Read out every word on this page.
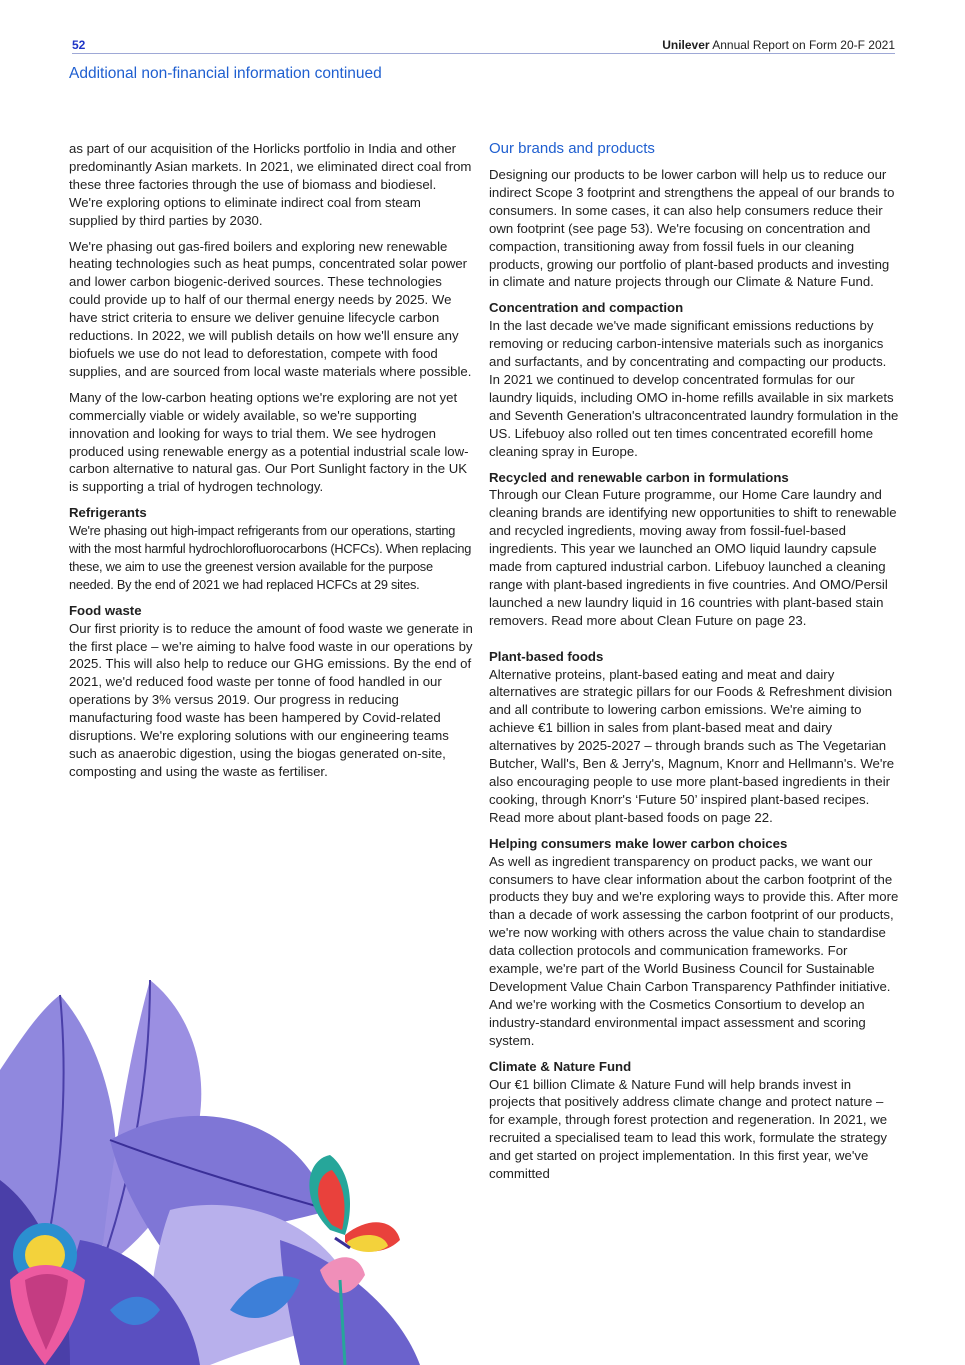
52	Unilever Annual Report on Form 20-F 2021
Additional non-financial information continued

as part of our acquisition of the Horlicks portfolio in India and other predominantly Asian markets. In 2021, we eliminated direct coal from these three factories through the use of biomass and biodiesel. We're exploring options to eliminate indirect coal from steam supplied by third parties by 2030.

We're phasing out gas-fired boilers and exploring new renewable heating technologies such as heat pumps, concentrated solar power and lower carbon biogenic-derived sources. These technologies could provide up to half of our thermal energy needs by 2025. We have strict criteria to ensure we deliver genuine lifecycle carbon reductions. In 2022, we will publish details on how we'll ensure any biofuels we use do not lead to deforestation, compete with food supplies, and are sourced from local waste materials where possible.

Many of the low-carbon heating options we're exploring are not yet commercially viable or widely available, so we're supporting innovation and looking for ways to trial them. We see hydrogen produced using renewable energy as a potential industrial scale low-carbon alternative to natural gas. Our Port Sunlight factory in the UK is supporting a trial of hydrogen technology.

Refrigerants

We're phasing out high-impact refrigerants from our operations, starting with the most harmful hydrochlorofluorocarbons (HCFCs). When replacing these, we aim to use the greenest version available for the purpose needed. By the end of 2021 we had replaced HCFCs at 29 sites.

Food waste

Our first priority is to reduce the amount of food waste we generate in the first place – we're aiming to halve food waste in our operations by 2025. This will also help to reduce our GHG emissions. By the end of 2021, we'd reduced food waste per tonne of food handled in our operations by 3% versus 2019. Our progress in reducing manufacturing food waste has been hampered by Covid-related disruptions. We're exploring solutions with our engineering teams such as anaerobic digestion, using the biogas generated on-site, composting and using the waste as fertiliser.

Our brands and products

Designing our products to be lower carbon will help us to reduce our indirect Scope 3 footprint and strengthens the appeal of our brands to consumers. In some cases, it can also help consumers reduce their own footprint (see page 53). We're focusing on concentration and compaction, transitioning away from fossil fuels in our cleaning products, growing our portfolio of plant-based products and investing in climate and nature projects through our Climate & Nature Fund.

Concentration and compaction

In the last decade we've made significant emissions reductions by removing or reducing carbon-intensive materials such as inorganics and surfactants, and by concentrating and compacting our products. In 2021 we continued to develop concentrated formulas for our laundry liquids, including OMO in-home refills available in six markets and Seventh Generation's ultraconcentrated laundry formulation in the US. Lifebuoy also rolled out ten times concentrated ecorefill home cleaning spray in Europe.

Recycled and renewable carbon in formulations

Through our Clean Future programme, our Home Care laundry and cleaning brands are identifying new opportunities to shift to renewable and recycled ingredients, moving away from fossil-fuel-based ingredients. This year we launched an OMO liquid laundry capsule made from captured industrial carbon. Lifebuoy launched a cleaning range with plant-based ingredients in five countries. And OMO/Persil launched a new laundry liquid in 16 countries with plant-based stain removers. Read more about Clean Future on page 23.

Plant-based foods

Alternative proteins, plant-based eating and meat and dairy alternatives are strategic pillars for our Foods & Refreshment division and all contribute to lowering carbon emissions. We're aiming to achieve €1 billion in sales from plant-based meat and dairy alternatives by 2025-2027 – through brands such as The Vegetarian Butcher, Wall's, Ben & Jerry's, Magnum, Knorr and Hellmann's. We're also encouraging people to use more plant-based ingredients in their cooking, through Knorr's ‘Future 50’ inspired plant-based recipes. Read more about plant-based foods on page 22.

Helping consumers make lower carbon choices

As well as ingredient transparency on product packs, we want our consumers to have clear information about the carbon footprint of the products they buy and we're exploring ways to provide this. After more than a decade of work assessing the carbon footprint of our products, we're now working with others across the value chain to standardise data collection protocols and communication frameworks. For example, we're part of the World Business Council for Sustainable Development Value Chain Carbon Transparency Pathfinder initiative. And we're working with the Cosmetics Consortium to develop an industry-standard environmental impact assessment and scoring system.

Climate & Nature Fund

Our €1 billion Climate & Nature Fund will help brands invest in projects that positively address climate change and protect nature – for example, through forest protection and regeneration. In 2021, we recruited a specialised team to lead this work, formulate the strategy and get started on project implementation. In this first year, we've committed
